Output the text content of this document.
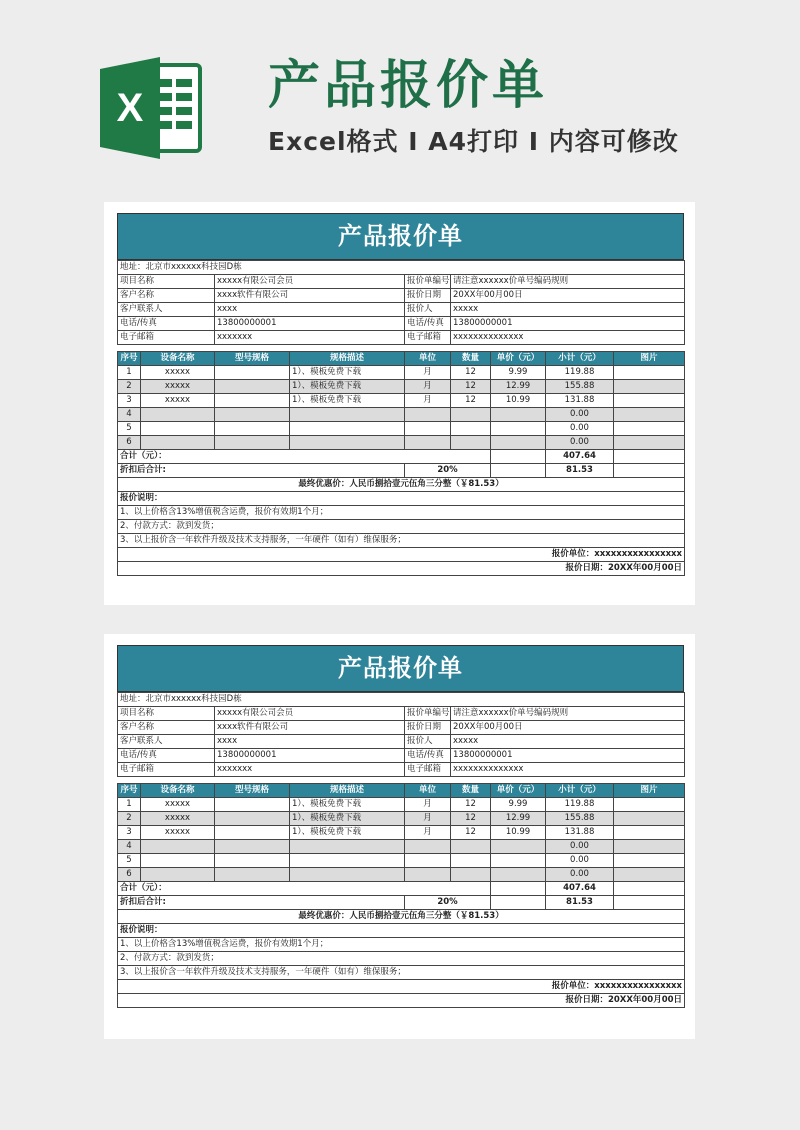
X 产品报价单
Excel格式 I A4打印 I 内容可修改
产品报价单
地址：北京市xxxxxx科技园D栋								
项目名称		xxxxx有限公司会员		报价单编号	请注意xxxxxx价单号编码规则			
客户名称		xxxx软件有限公司		报价日期	20XX年00月00日			
客户联系人		xxxx		报价人	xxxxx			
电话/传真		13800000001		电话/传真	13800000001			
电子邮箱		xxxxxxx		电子邮箱	xxxxxxxxxxxxxx			

序号	设备名称	型号规格	规格描述	单位	数量	单价（元）	小计（元）	图片
1	xxxxx		1）、模板免费下载	月	12	9.99	119.88	
2	xxxxx		1）、模板免费下载	月	12	12.99	155.88	
3	xxxxx		1）、模板免费下载	月	12	10.99	131.88	
4							0.00	
5							0.00	
6							0.00	
合计（元）：							407.64	
折扣后合计:				20%			81.53	
最终优惠价：人民币捌拾壹元伍角三分整（￥81.53）								
报价说明：								
1、以上价格含13%增值税含运费，报价有效期1个月；								
2、付款方式：款到发货；								
3、以上报价含一年软件升级及技术支持服务，一年硬件（如有）维保服务；								
报价单位：xxxxxxxxxxxxxxxx								
报价日期：20XX年00月00日								
产品报价单
地址：北京市xxxxxx科技园D栋								
项目名称		xxxxx有限公司会员		报价单编号	请注意xxxxxx价单号编码规则			
客户名称		xxxx软件有限公司		报价日期	20XX年00月00日			
客户联系人		xxxx		报价人	xxxxx			
电话/传真		13800000001		电话/传真	13800000001			
电子邮箱		xxxxxxx		电子邮箱	xxxxxxxxxxxxxx			

序号	设备名称	型号规格	规格描述	单位	数量	单价（元）	小计（元）	图片
1	xxxxx		1）、模板免费下载	月	12	9.99	119.88	
2	xxxxx		1）、模板免费下载	月	12	12.99	155.88	
3	xxxxx		1）、模板免费下载	月	12	10.99	131.88	
4							0.00	
5							0.00	
6							0.00	
合计（元）：							407.64	
折扣后合计:				20%			81.53	
最终优惠价：人民币捌拾壹元伍角三分整（￥81.53）								
报价说明：								
1、以上价格含13%增值税含运费，报价有效期1个月；								
2、付款方式：款到发货；								
3、以上报价含一年软件升级及技术支持服务，一年硬件（如有）维保服务；								
报价单位：xxxxxxxxxxxxxxxx								
报价日期：20XX年00月00日								
